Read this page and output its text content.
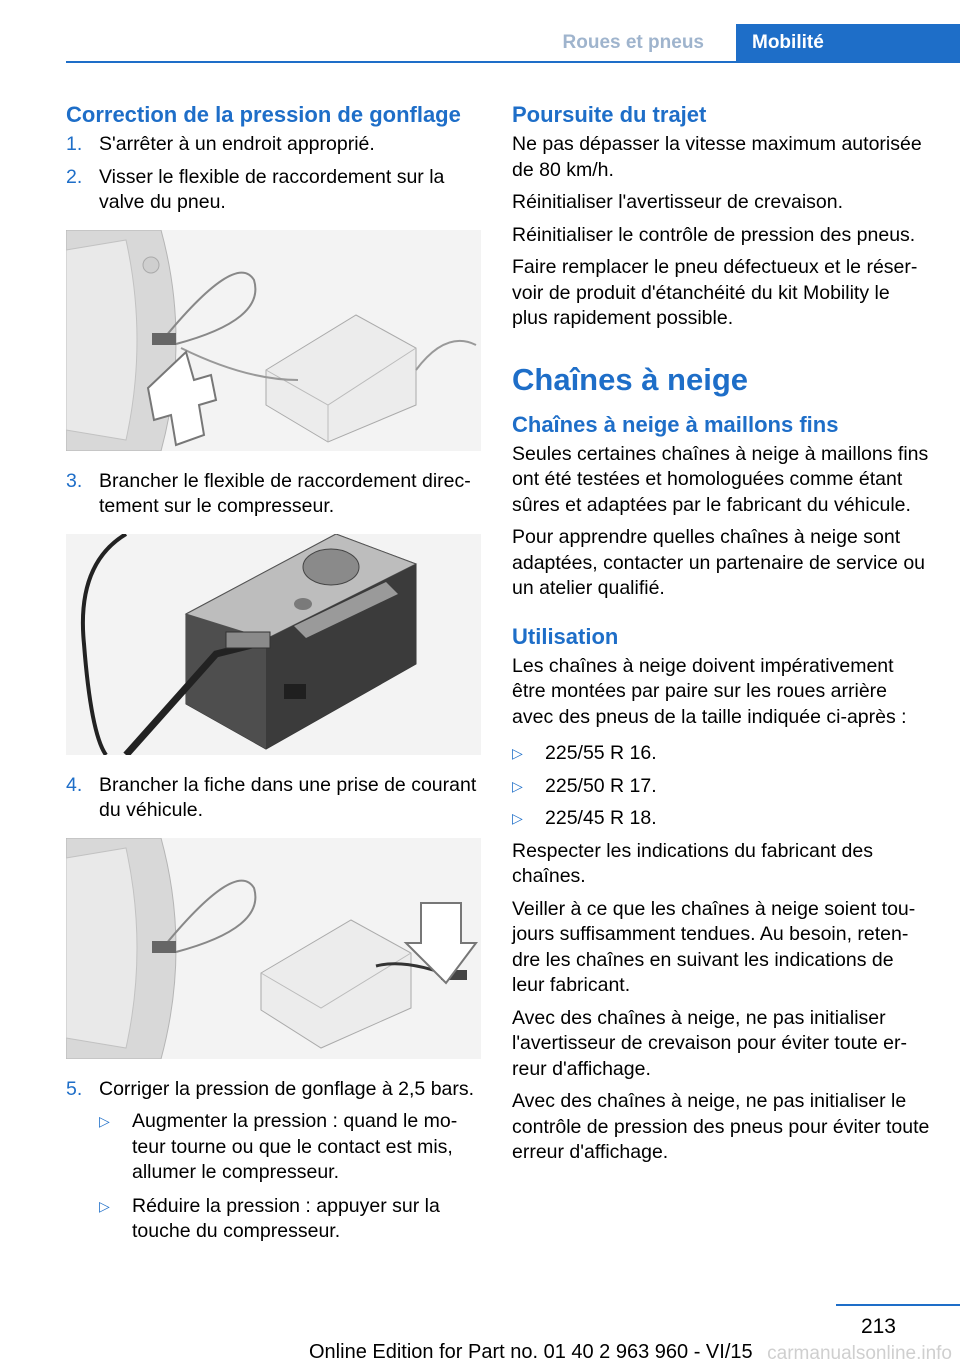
Roues et pneus	Mobilité
Correction de la pression de gonflage
1. S'arrêter à un endroit approprié.
2. Visser le flexible de raccordement sur la valve du pneu.
3. Brancher le flexible de raccordement directement sur le compresseur.
4. Brancher la fiche dans une prise de courant du véhicule.
5. Corriger la pression de gonflage à 2,5 bars.
▷	Augmenter la pression : quand le moteur tourne ou que le contact est mis, allumer le compresseur.
▷	Réduire la pression : appuyer sur la touche du compresseur.
Poursuite du trajet

Ne pas dépasser la vitesse maximum autorisée de 80 km/h.

Réinitialiser l'avertisseur de crevaison.

Réinitialiser le contrôle de pression des pneus.

Faire remplacer le pneu défectueux et le réservoir de produit d'étanchéité du kit Mobility le plus rapidement possible.

Chaînes à neige
Chaînes à neige à maillons fins

Seules certaines chaînes à neige à maillons fins ont été testées et homologuées comme étant sûres et adaptées par le fabricant du véhicule.

Pour apprendre quelles chaînes à neige sont adaptées, contacter un partenaire de service ou un atelier qualifié.

Utilisation

Les chaînes à neige doivent impérativement être montées par paire sur les roues arrière avec des pneus de la taille indiquée ci-après :

▷	225/55 R 16.
▷	225/50 R 17.
▷	225/45 R 18.

Respecter les indications du fabricant des chaînes.

Veiller à ce que les chaînes à neige soient toujours suffisamment tendues. Au besoin, retendre les chaînes en suivant les indications de leur fabricant.

Avec des chaînes à neige, ne pas initialiser l'avertisseur de crevaison pour éviter toute erreur d'affichage.

Avec des chaînes à neige, ne pas initialiser le contrôle de pression des pneus pour éviter toute erreur d'affichage.

213
Online Edition for Part no. 01 40 2 963 960 - VI/15 carmanualsonline.info
